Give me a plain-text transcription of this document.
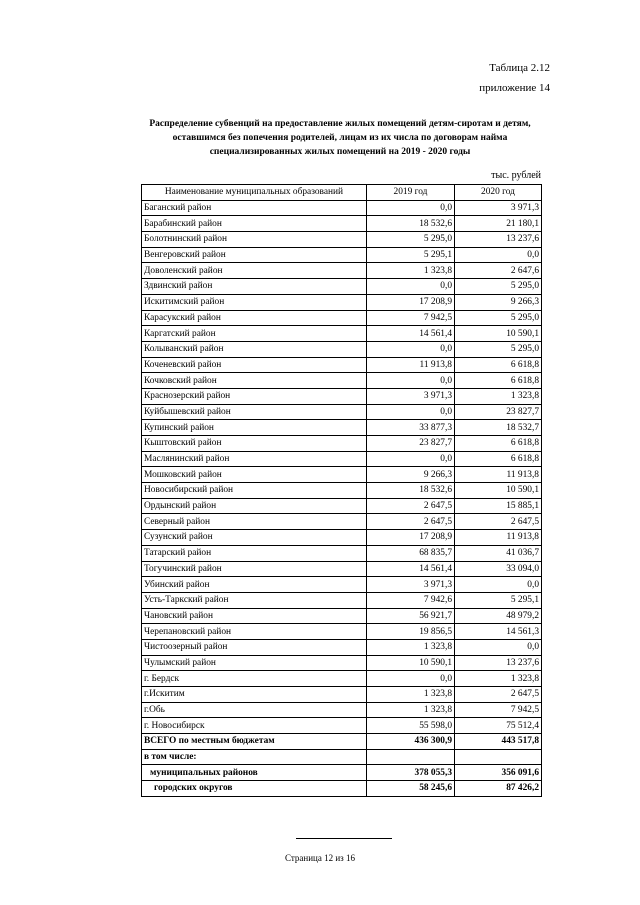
Таблица 2.12
приложение 14
Распределение субвенций на предоставление жилых помещений детям-сиротам и детям, оставшимся без попечения родителей, лицам из их числа по договорам найма специализированных жилых помещений на 2019 - 2020 годы
тыс. рублей
Наименование муниципальных образований	2019 год	2020 год
Баганский район	0,0	3 971,3
Барабинский район	18 532,6	21 180,1
Болотнинский район	5 295,0	13 237,6
Венгеровский район	5 295,1	0,0
Доволенский район	1 323,8	2 647,6
Здвинский район	0,0	5 295,0
Искитимский район	17 208,9	9 266,3
Карасукский район	7 942,5	5 295,0
Каргатский район	14 561,4	10 590,1
Колыванский район	0,0	5 295,0
Коченевский район	11 913,8	6 618,8
Кочковский район	0,0	6 618,8
Краснозерский район	3 971,3	1 323,8
Куйбышевский район	0,0	23 827,7
Купинский район	33 877,3	18 532,7
Кыштовский район	23 827,7	6 618,8
Маслянинский район	0,0	6 618,8
Мошковский район	9 266,3	11 913,8
Новосибирский район	18 532,6	10 590,1
Ордынский район	2 647,5	15 885,1
Северный район	2 647,5	2 647,5
Сузунский район	17 208,9	11 913,8
Татарский район	68 835,7	41 036,7
Тогучинский район	14 561,4	33 094,0
Убинский район	3 971,3	0,0
Усть-Таркский район	7 942,6	5 295,1
Чановский район	56 921,7	48 979,2
Черепановский район	19 856,5	14 561,3
Чистоозерный район	1 323,8	0,0
Чулымский район	10 590,1	13 237,6
г. Бердск	0,0	1 323,8
г.Искитим	1 323,8	2 647,5
г.Обь	1 323,8	7 942,5
г. Новосибирск	55 598,0	75 512,4
ВСЕГО по местным бюджетам	436 300,9	443 517,8
в том числе:		
муниципальных районов	378 055,3	356 091,6
городских округов	58 245,6	87 426,2
Страница 12 из 16
